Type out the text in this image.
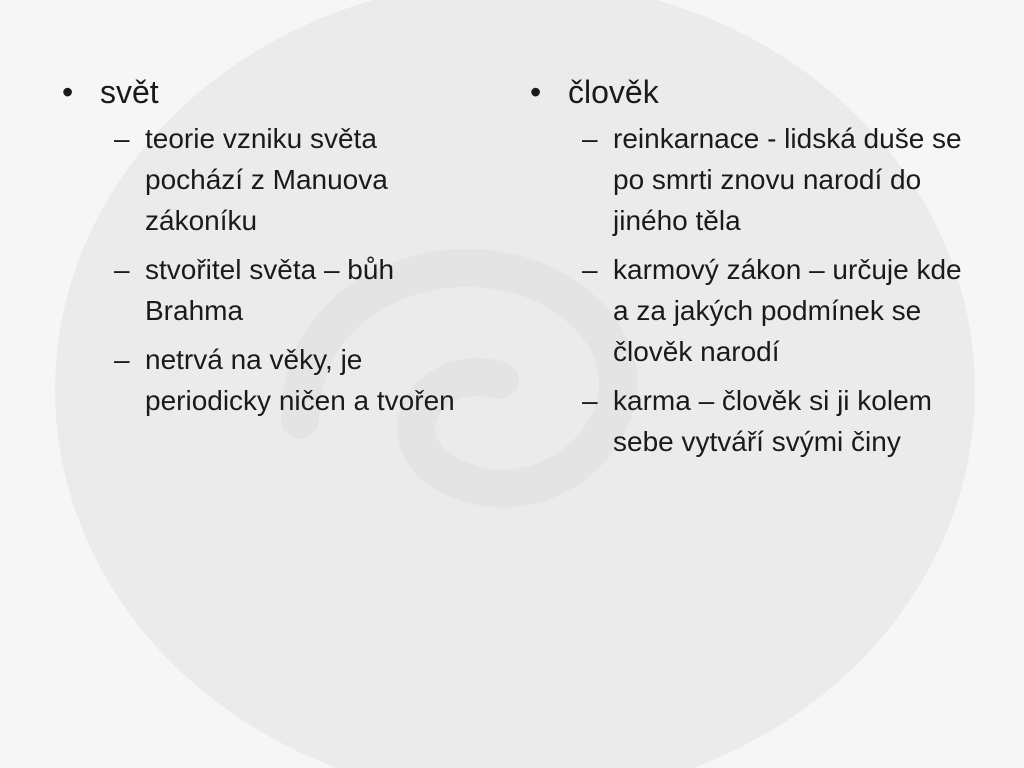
• svět
– teorie vzniku světa pochází z Manuova zákoníku
– stvořitel světa – bůh Brahma
– netrvá na věky, je periodicky ničen a tvořen
• člověk
– reinkarnace - lidská duše se po smrti znovu narodí do jiného těla
– karmový zákon – určuje kde a za jakých podmínek se člověk narodí
– karma – člověk si ji kolem sebe vytváří svými činy
